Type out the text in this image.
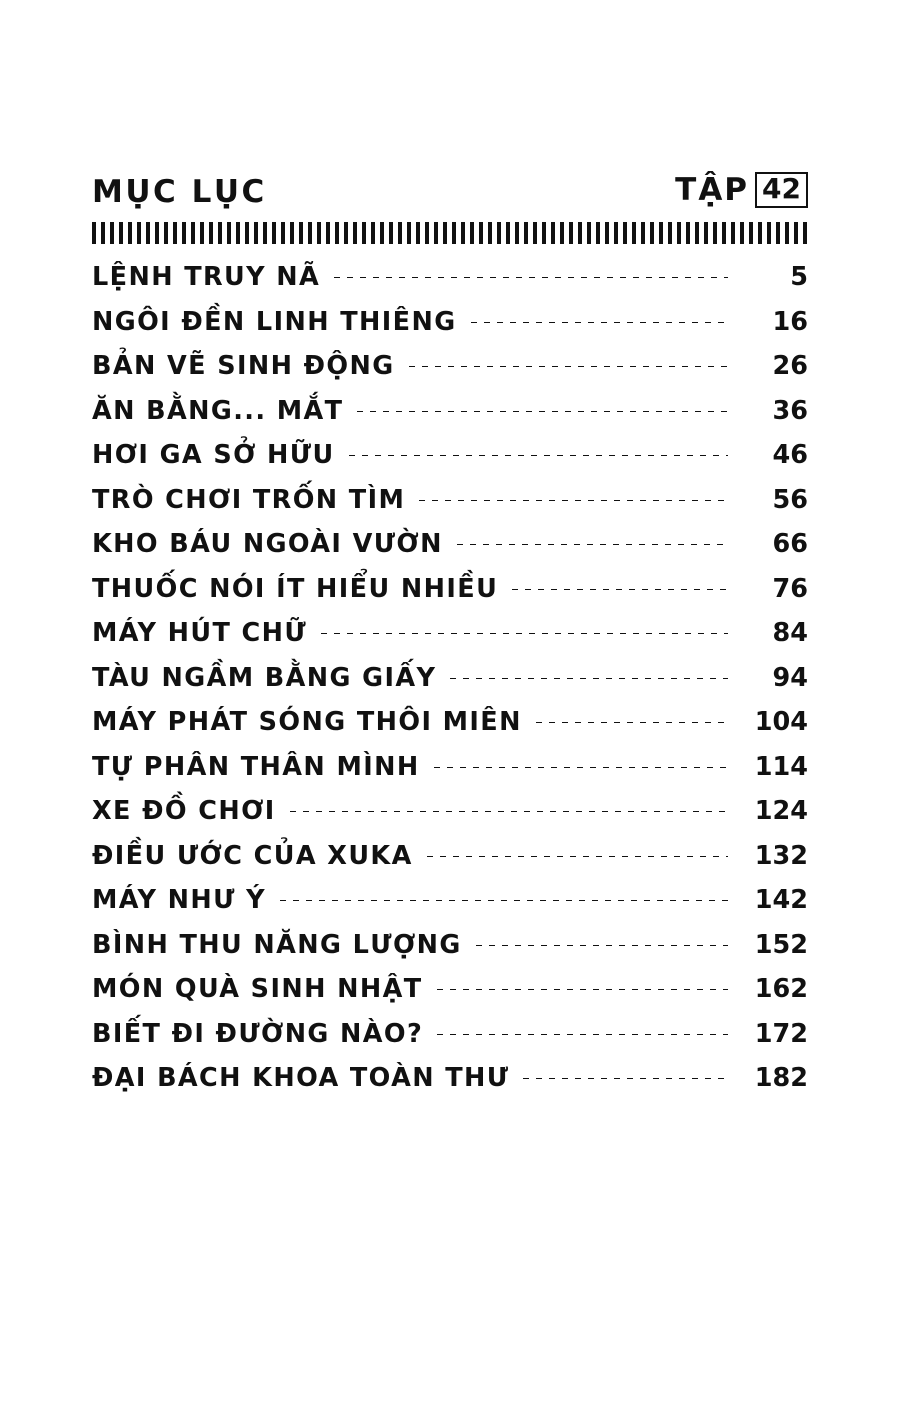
MỤC LỤC	TẬP 42
LỆNH TRUY NÃ	5
NGÔI ĐỀN LINH THIÊNG	16
BẢN VẼ SINH ĐỘNG	26
ĂN BẰNG... MẮT	36
HƠI GA SỞ HỮU	46
TRÒ CHƠI TRỐN TÌM	56
KHO BÁU NGOÀI VƯỜN	66
THUỐC NÓI ÍT HIỂU NHIỀU	76
MÁY HÚT CHỮ	84
TÀU NGẦM BẰNG GIẤY	94
MÁY PHÁT SÓNG THÔI MIÊN	104
TỰ PHÂN THÂN MÌNH	114
XE ĐỒ CHƠI	124
ĐIỀU ƯỚC CỦA XUKA	132
MÁY NHƯ Ý	142
BÌNH THU NĂNG LƯỢNG	152
MÓN QUÀ SINH NHẬT	162
BIẾT ĐI ĐƯỜNG NÀO?	172
ĐẠI BÁCH KHOA TOÀN THƯ	182
